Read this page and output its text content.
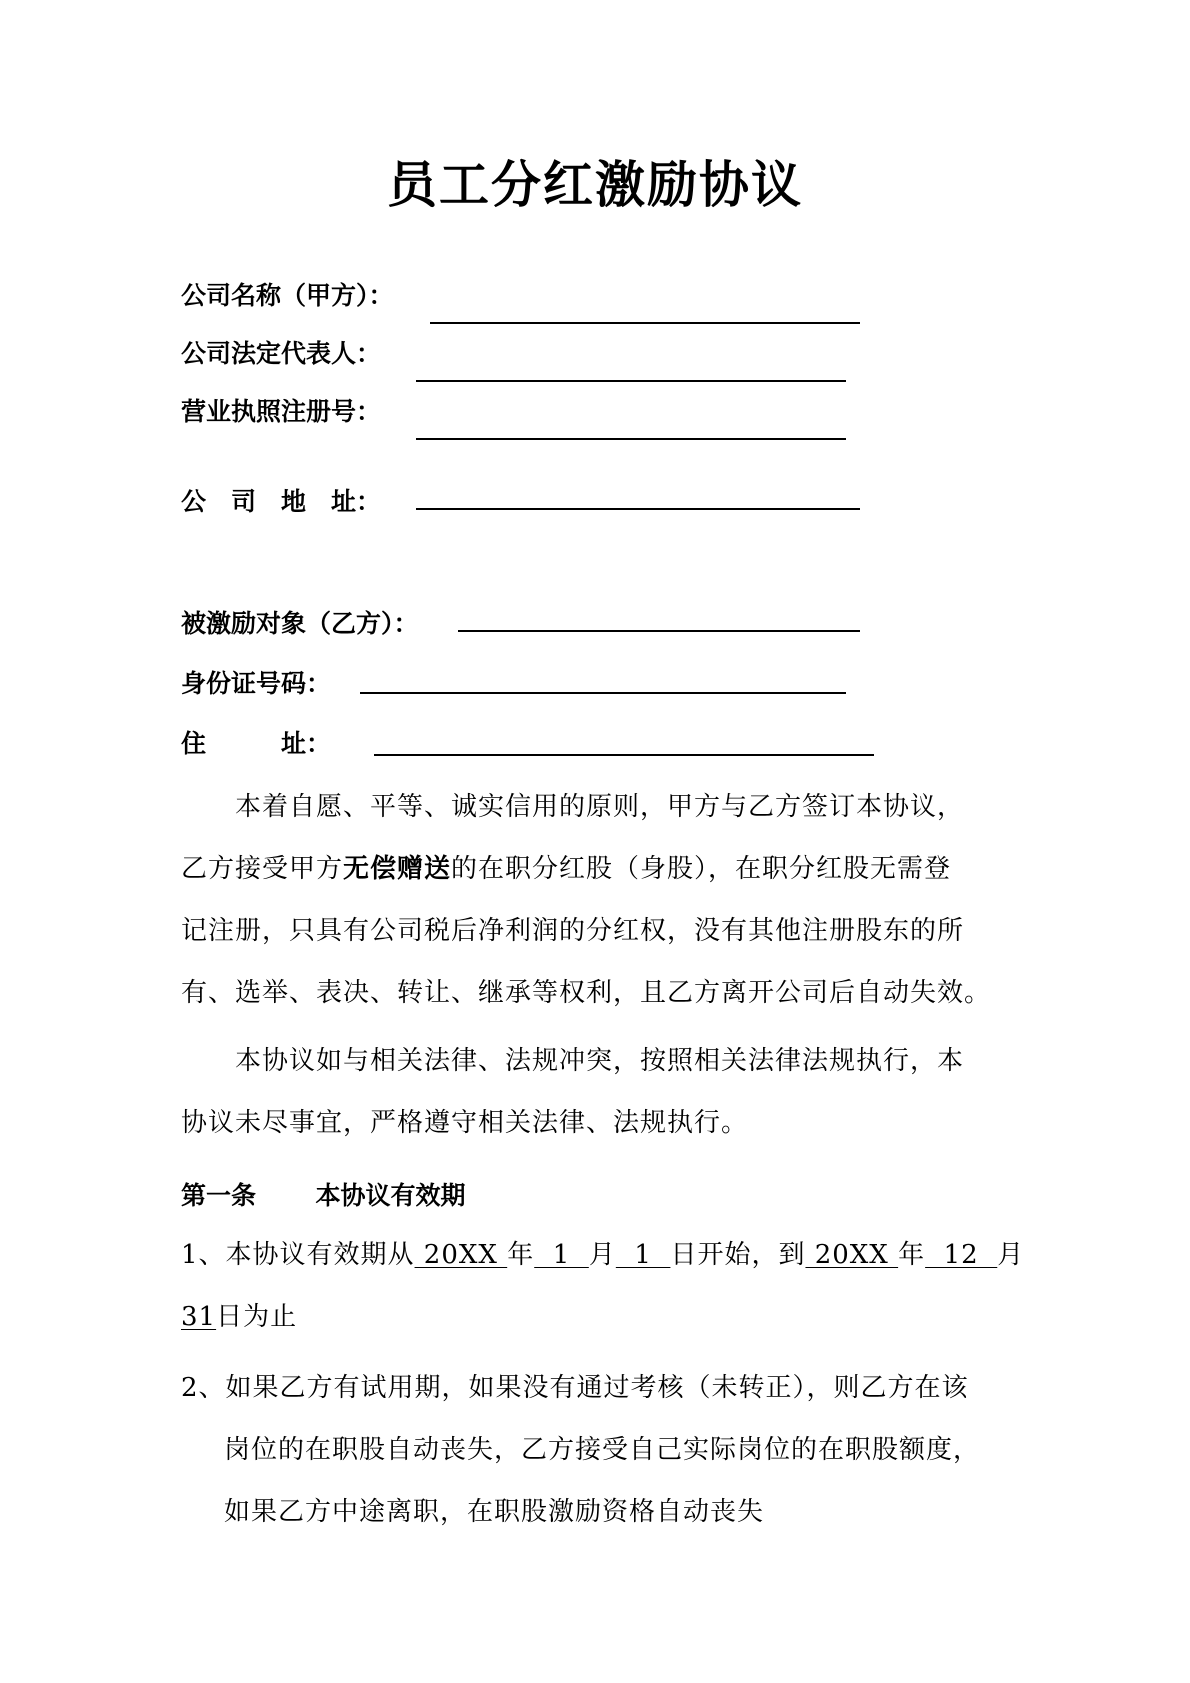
员工分红激励协议
公司名称（甲方）：
公司法定代表人：
营业执照注册号：
公　司　地　址：
被激励对象（乙方）：
身份证号码：
住　　　址：
本着自愿、平等、诚实信用的原则，甲方与乙方签订本协议，
乙方接受甲方无偿赠送的在职分红股（身股），在职分红股无需登
记注册，只具有公司税后净利润的分红权，没有其他注册股东的所
有、选举、表决、转让、继承等权利，且乙方离开公司后自动失效。
本协议如与相关法律、法规冲突，按照相关法律法规执行，本
协议未尽事宜，严格遵守相关法律、法规执行。
第一条 本协议有效期
1、本协议有效期从 20XX 年  1  月  1  日开始，到 20XX 年  12  月
31日为止
2、如果乙方有试用期，如果没有通过考核（未转正），则乙方在该
岗位的在职股自动丧失，乙方接受自己实际岗位的在职股额度，
如果乙方中途离职，在职股激励资格自动丧失
